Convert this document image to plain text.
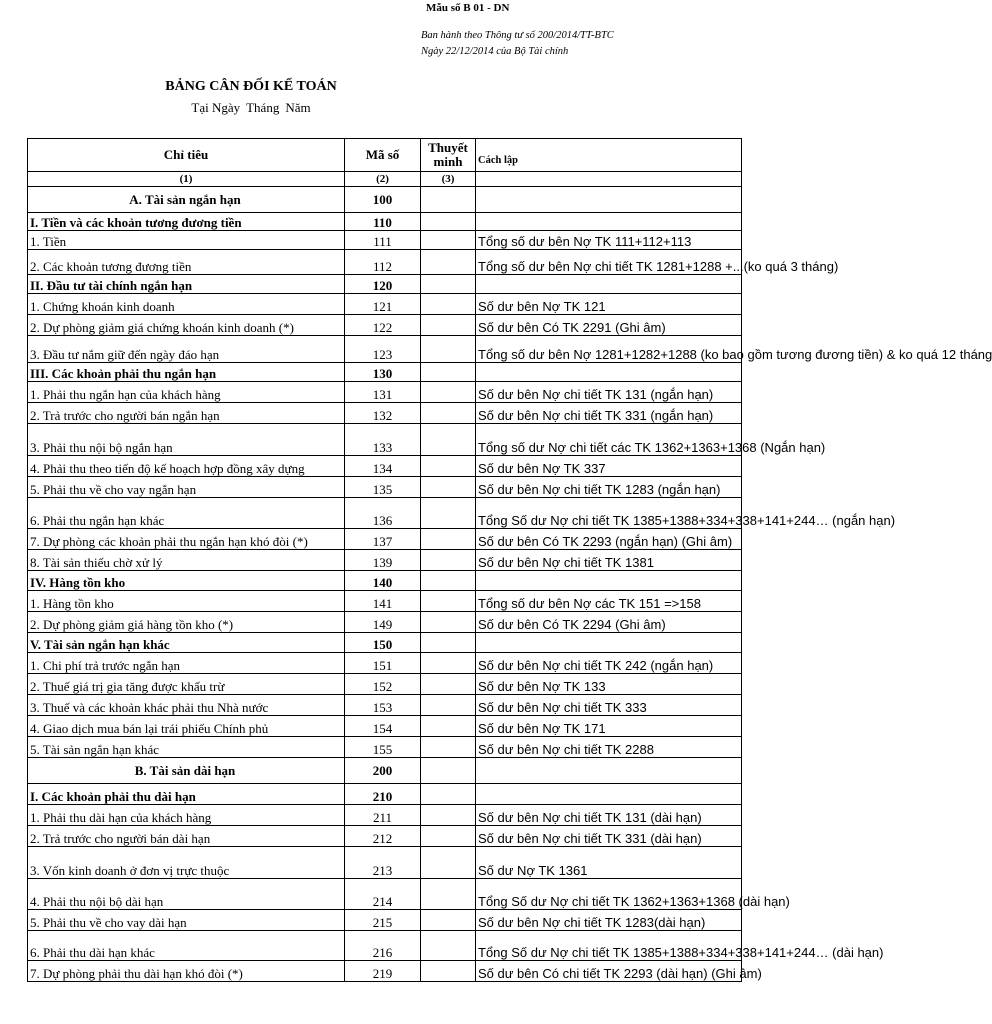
Mẫu số B 01 - DN
Ban hành theo Thông tư số 200/2014/TT-BTC
Ngày 22/12/2014 của Bộ Tài chính
BẢNG CÂN ĐỐI KẾ TOÁN
Tại Ngày Tháng Năm
Chỉ tiêu	Mã số	Thuyết minh	Cách lập
(1)	(2)	(3)	
A. Tài sản ngắn hạn	100		
I. Tiền và các khoản tương đương tiền	110		
1. Tiền	111		Tổng số dư bên Nợ TK 111+112+113
2. Các khoản tương đương tiền	112		Tổng số dư bên Nợ chi tiết TK 1281+1288 +...(ko quá 3 tháng)
II. Đầu tư tài chính ngắn hạn	120		
1. Chứng khoán kinh doanh	121		Số dư bên Nợ TK 121
2. Dự phòng giảm giá chứng khoán kinh doanh (*)	122		Số dư bên Có TK 2291 (Ghi âm)
3. Đầu tư nắm giữ đến ngày đáo hạn	123		Tổng số dư bên Nợ 1281+1282+1288 (ko bao gồm tương đương tiền) & ko quá 12 tháng
III. Các khoản phải thu ngắn hạn	130		
1. Phải thu ngắn hạn của khách hàng	131		Số dư bên Nợ chi tiết TK 131 (ngắn hạn)
2. Trả trước cho người bán ngắn hạn	132		Số dư bên Nợ chi tiết TK 331 (ngắn hạn)
3. Phải thu nội bộ ngắn hạn	133		Tổng số dư Nợ chi tiết các TK 1362+1363+1368 (Ngắn hạn)
4. Phải thu theo tiến độ kế hoạch hợp đồng xây dựng	134		Số dư bên Nợ TK 337
5. Phải thu về cho vay ngắn hạn	135		Số dư bên Nợ chi tiết TK 1283 (ngắn hạn)
6. Phải thu ngắn hạn khác	136		Tổng Số dư Nợ chi tiết TK 1385+1388+334+338+141+244… (ngắn hạn)
7. Dự phòng các khoản phải thu ngắn hạn khó đòi (*)	137		Số dư bên Có TK 2293 (ngắn hạn) (Ghi âm)
8. Tài sản thiếu chờ xử lý	139		Số dư bên Nợ chi tiết TK 1381
IV. Hàng tồn kho	140		
1. Hàng tồn kho	141		Tổng số dư bên Nợ các TK 151 =>158
2. Dự phòng giảm giá hàng tồn kho (*)	149		Số dư bên Có TK 2294 (Ghi âm)
V. Tài sản ngắn hạn khác	150		
1. Chi phí trả trước ngắn hạn	151		Số dư bên Nợ chi tiết TK 242 (ngắn hạn)
2. Thuế giá trị gia tăng được khấu trừ	152		Số dư bên Nợ TK 133
3. Thuế và các khoản khác phải thu Nhà nước	153		Số dư bên Nợ chi tiết TK 333
4. Giao dịch mua bán lại trái phiếu Chính phủ	154		Số dư bên Nợ TK 171
5. Tài sản ngắn hạn khác	155		Số dư bên Nợ chi tiết TK 2288
B. Tài sản dài hạn	200		
I. Các khoản phải thu dài hạn	210		
1. Phải thu dài hạn của khách hàng	211		Số dư bên Nợ chi tiết TK 131 (dài hạn)
2. Trả trước cho người bán dài hạn	212		Số dư bên Nợ chi tiết TK 331 (dài hạn)
3. Vốn kinh doanh ở đơn vị trực thuộc	213		Số dư Nợ TK 1361
4. Phải thu nội bộ dài hạn	214		Tổng Số dư Nợ chi tiết TK 1362+1363+1368 (dài hạn)
5. Phải thu về cho vay dài hạn	215		Số dư bên Nợ chi tiết TK 1283(dài hạn)
6. Phải thu dài hạn khác	216		Tổng Số dư Nợ chi tiết TK 1385+1388+334+338+141+244… (dài hạn)
7. Dự phòng phải thu dài hạn khó đòi (*)	219		Số dư bên Có chi tiết TK 2293 (dài hạn) (Ghi âm)
